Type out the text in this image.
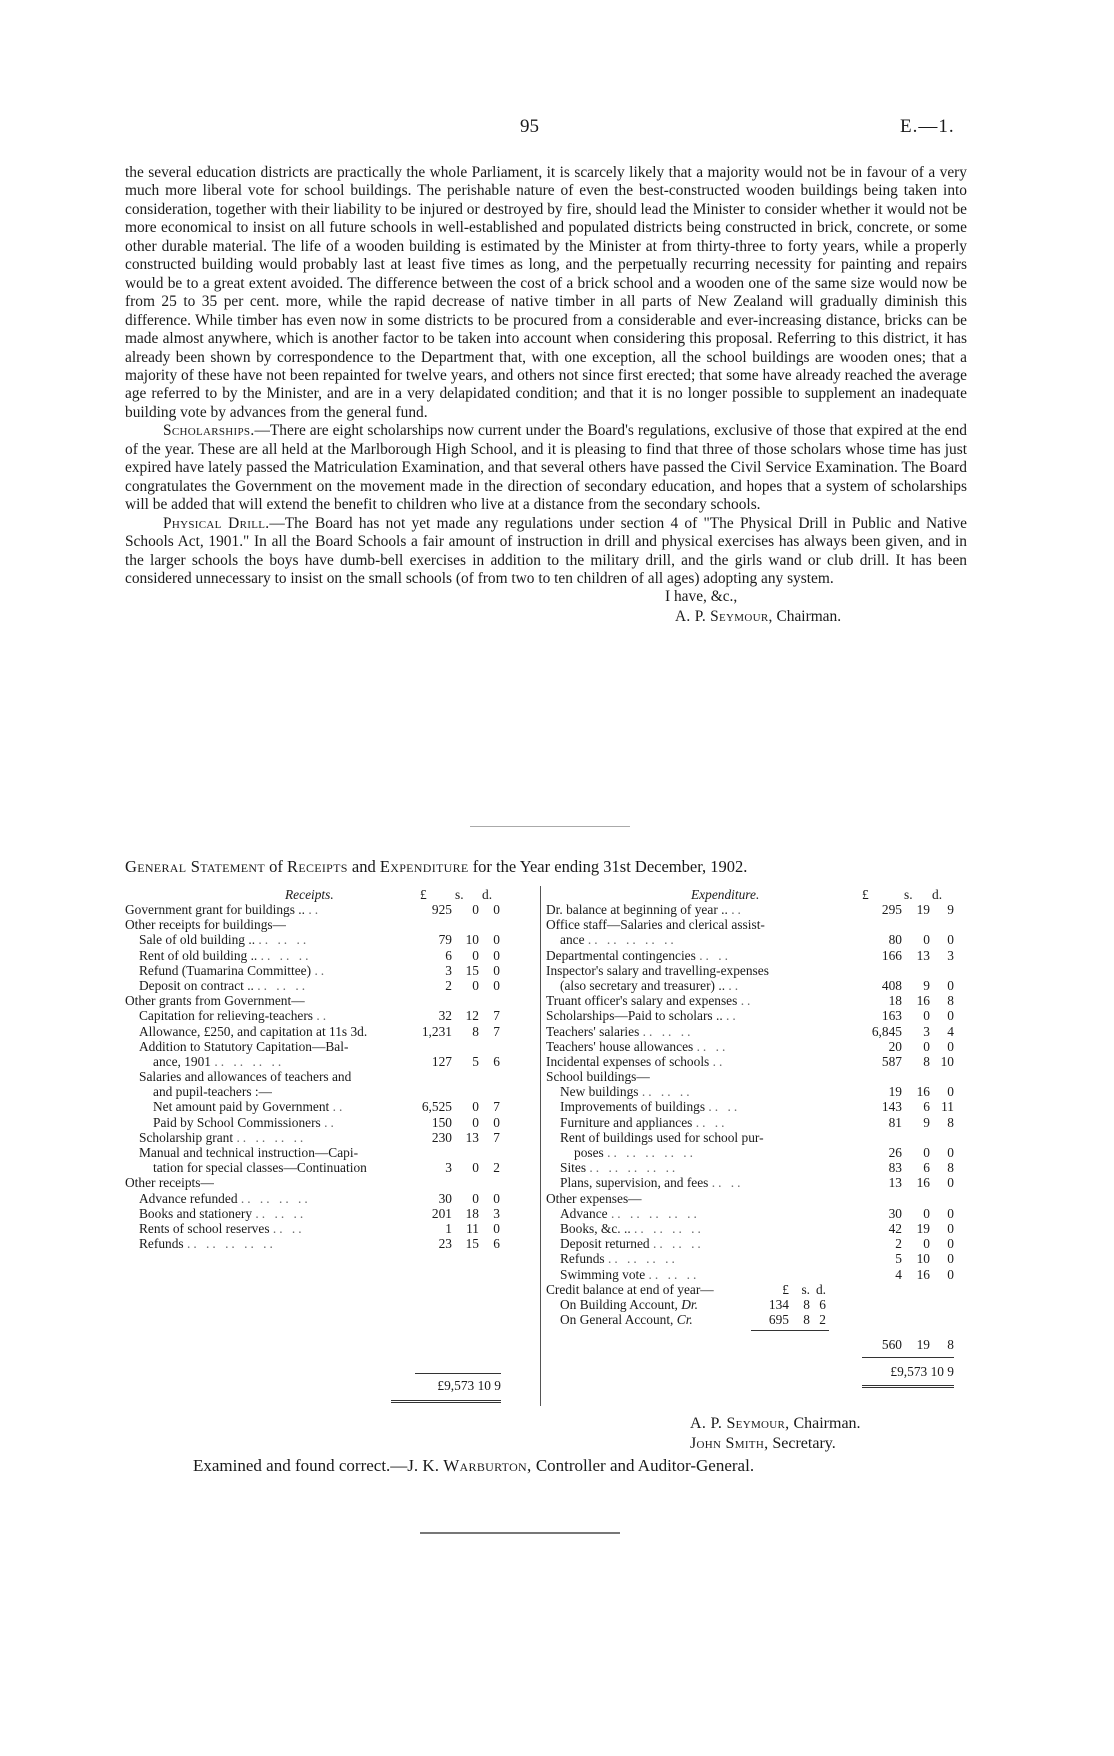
95	E.—1.

the several education districts are practically the whole Parliament, it is scarcely likely that a majority would not be in favour of a very much more liberal vote for school buildings. The perishable nature of even the best-constructed wooden buildings being taken into consideration, together with their liability to be injured or destroyed by fire, should lead the Minister to consider whether it would not be more economical to insist on all future schools in well-established and populated districts being constructed in brick, concrete, or some other durable material. The life of a wooden building is estimated by the Minister at from thirty-three to forty years, while a properly constructed building would probably last at least five times as long, and the perpetually recurring necessity for painting and repairs would be to a great extent avoided. The difference between the cost of a brick school and a wooden one of the same size would now be from 25 to 35 per cent. more, while the rapid decrease of native timber in all parts of New Zealand will gradually diminish this difference. While timber has even now in some districts to be procured from a considerable and ever-increasing distance, bricks can be made almost anywhere, which is another factor to be taken into account when considering this proposal. Referring to this district, it has already been shown by correspondence to the Department that, with one exception, all the school buildings are wooden ones; that a majority of these have not been repainted for twelve years, and others not since first erected; that some have already reached the average age referred to by the Minister, and are in a very delapidated condition; and that it is no longer possible to supplement an inadequate building vote by advances from the general fund.

Scholarships.—There are eight scholarships now current under the Board's regulations, exclusive of those that expired at the end of the year. These are all held at the Marlborough High School, and it is pleasing to find that three of those scholars whose time has just expired have lately passed the Matriculation Examination, and that several others have passed the Civil Service Examination. The Board congratulates the Government on the movement made in the direction of secondary education, and hopes that a system of scholarships will be added that will extend the benefit to children who live at a distance from the secondary schools.

Physical Drill.—The Board has not yet made any regulations under section 4 of "The Physical Drill in Public and Native Schools Act, 1901." In all the Board Schools a fair amount of instruction in drill and physical exercises has always been given, and in the larger schools the boys have dumb-bell exercises in addition to the military drill, and the girls wand or club drill. It has been considered unnecessary to insist on the small schools (of from two to ten children of all ages) adopting any system.

I have, &c.,
A. P. Seymour, Chairman.
General Statement of Receipts and Expenditure for the Year ending 31st December, 1902.
Receipts.	£	s.	d.
Government grant for buildings .. ..	925	0	0
Other receipts for buildings—
Sale of old building .. .. .. ..	79	10	0
Rent of old building .. .. .. ..	6	0	0
Refund (Tuamarina Committee) ..	3	15	0
Deposit on contract .. .. .. ..	2	0	0
Other grants from Government—
Capitation for relieving-teachers ..	32	12	7
Allowance, £250, and capitation at 11s 3d.	1,231	8	7
Addition to Statutory Capitation—Bal-
ance, 1901 .. .. .. ..	127	5	6
Salaries and allowances of teachers and
and pupil-teachers :—
Net amount paid by Government ..	6,525	0	7
Paid by School Commissioners ..	150	0	0
Scholarship grant .. .. .. ..	230	13	7
Manual and technical instruction—Capi-
tation for special classes—Continuation	3	0	2
Other receipts—
Advance refunded .. .. .. ..	30	0	0
Books and stationery .. .. ..	201	18	3
Rents of school reserves .. ..	1	11	0
Refunds .. .. .. .. ..	23	15	6
Expenditure.	£	s.	d.
Dr. balance at beginning of year .. ..	295	19	9
Office staff—Salaries and clerical assist-
ance .. .. .. .. ..	80	0	0
Departmental contingencies .. ..	166	13	3
Inspector's salary and travelling-expenses
(also secretary and treasurer) .. ..	408	9	0
Truant officer's salary and expenses ..	18	16	8
Scholarships—Paid to scholars .. ..	163	0	0
Teachers' salaries .. .. ..	6,845	3	4
Teachers' house allowances .. ..	20	0	0
Incidental expenses of schools ..	587	8 10
School buildings—
New buildings .. .. ..	19	16	0
Improvements of buildings .. ..	143	6 11
Furniture and appliances .. ..	81	9	8
Rent of buildings used for school pur-
poses .. .. .. .. ..	26	0	0
Sites .. .. .. .. ..	83	6	8
Plans, supervision, and fees .. ..	13	16	0
Other expenses—
Advance .. .. .. .. ..	30	0	0
Books, &c. .. .. .. .. ..	42	19	0
Deposit returned .. .. ..	2	0	0
Refunds .. .. .. ..	5	10	0
Swimming vote .. .. ..	4	16	0
Credit balance at end of year—	£ s. d.
On Building Account, Dr.	134	8 6
On General Account, Cr.	695	8 2
560	19	8
£9,573 10 9
£9,573 10 9
A. P. Seymour, Chairman.
John Smith, Secretary.
Examined and found correct.—J. K. Warburton, Controller and Auditor-General.
